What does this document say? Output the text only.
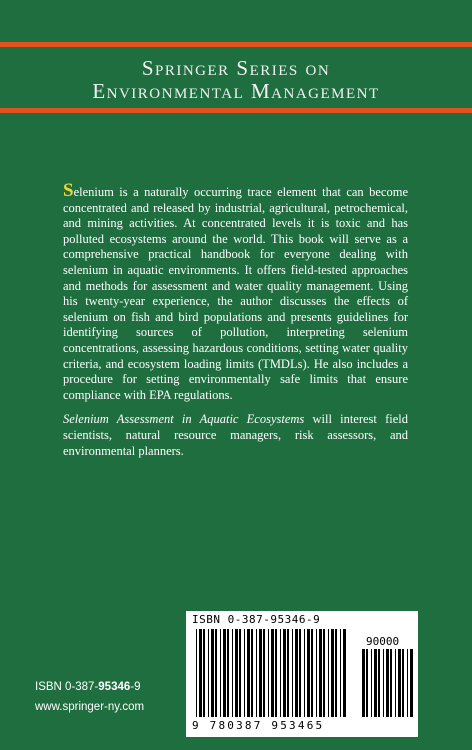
Springer Series on
Environmental Management

Selenium is a naturally occurring trace element that can become concentrated and released by industrial, agricultural, petrochemical, and mining activities. At concentrated levels it is toxic and has polluted ecosystems around the world. This book will serve as a comprehensive practical handbook for everyone dealing with selenium in aquatic environments. It offers field-tested approaches and methods for assessment and water quality management. Using his twenty-year experience, the author discusses the effects of selenium on fish and bird populations and presents guidelines for identifying sources of pollution, interpreting selenium concentrations, assessing hazardous conditions, setting water quality criteria, and ecosystem loading limits (TMDLs). He also includes a procedure for setting environmentally safe limits that ensure compliance with EPA regulations.

Selenium Assessment in Aquatic Ecosystems will interest field scientists, natural resource managers, risk assessors, and environmental planners.

ISBN 0-387-95346-9
90000
9 780387 953465
ISBN 0-387-95346-9
www.springer-ny.com
